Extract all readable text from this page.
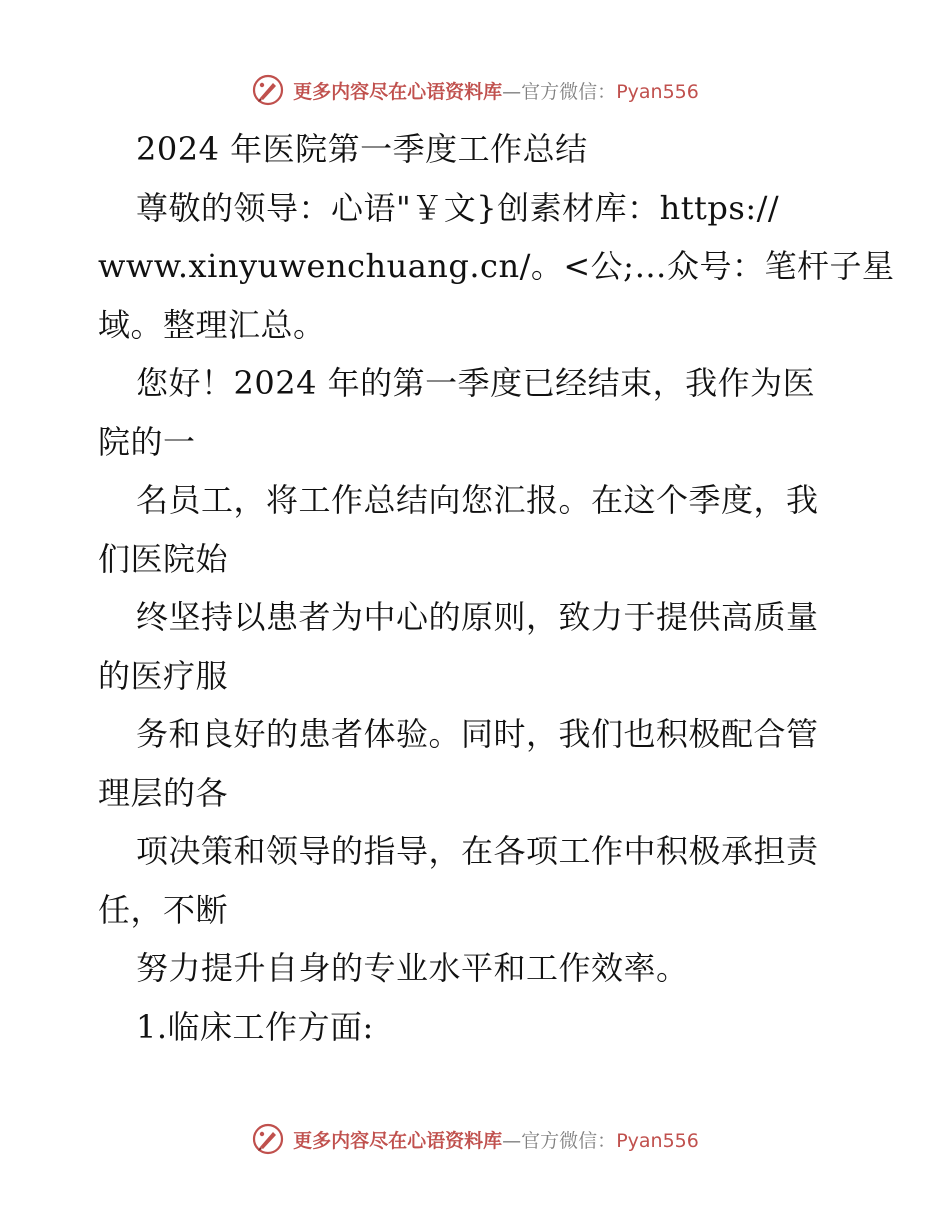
更多内容尽在心语资料库—官方微信：Pyan556
2024 年医院第一季度工作总结
尊敬的领导：心语"￥文}创素材库：https://
www.xinyuwenchuang.cn/。<公;…众号：笔杆子星
域。整理汇总。
您好！2024 年的第一季度已经结束，我作为医
院的一
名员工，将工作总结向您汇报。在这个季度，我
们医院始
终坚持以患者为中心的原则，致力于提供高质量
的医疗服
务和良好的患者体验。同时，我们也积极配合管
理层的各
项决策和领导的指导，在各项工作中积极承担责
任，不断
努力提升自身的专业水平和工作效率。
1.临床工作方面:
更多内容尽在心语资料库—官方微信：Pyan556
